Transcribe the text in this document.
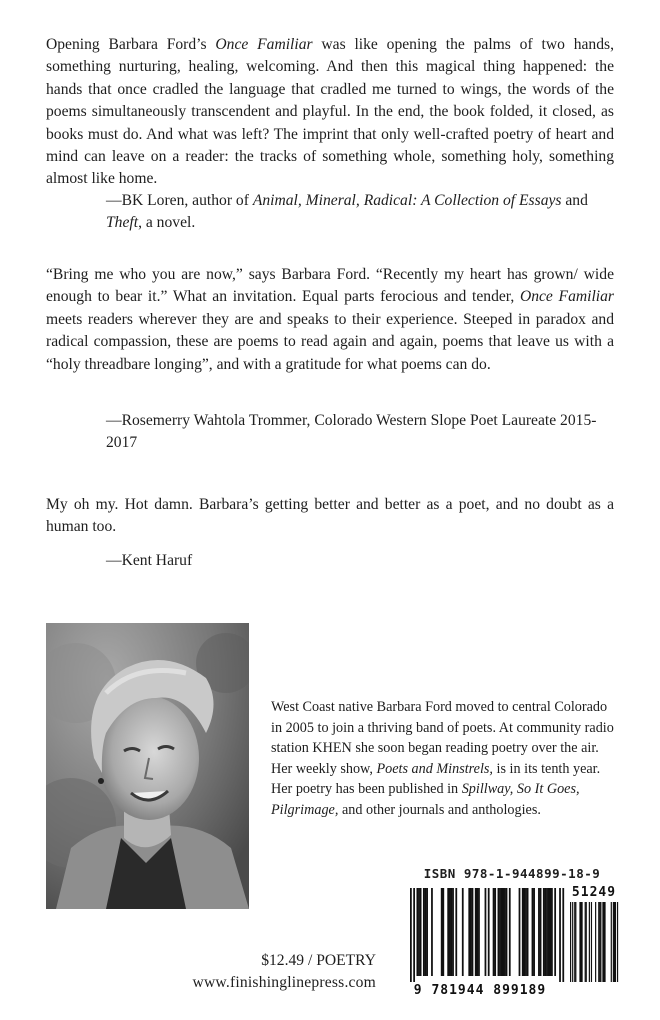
Opening Barbara Ford’s Once Familiar was like opening the palms of two hands, something nurturing, healing, welcoming. And then this magical thing happened: the hands that once cradled the language that cradled me turned to wings, the words of the poems simultaneously transcendent and playful. In the end, the book folded, it closed, as books must do. And what was left? The imprint that only well-crafted poetry of heart and mind can leave on a reader: the tracks of something whole, something holy, something almost like home.

—BK Loren, author of Animal, Mineral, Radical: A Collection of Essays and Theft, a novel.

“Bring me who you are now,” says Barbara Ford. “Recently my heart has grown/ wide enough to bear it.” What an invitation. Equal parts ferocious and tender, Once Familiar meets readers wherever they are and speaks to their experience. Steeped in paradox and radical compassion, these are poems to read again and again, poems that leave us with a “holy threadbare longing”, and with a gratitude for what poems can do.

—Rosemerry Wahtola Trommer, Colorado Western Slope Poet Laureate 2015-2017

My oh my. Hot damn. Barbara’s getting better and better as a poet, and no doubt as a human too.

—Kent Haruf

West Coast native Barbara Ford moved to central Colorado in 2005 to join a thriving band of poets. At community radio station KHEN she soon began reading poetry over the air. Her weekly show, Poets and Minstrels, is in its tenth year. Her poetry has been published in Spillway, So It Goes, Pilgrimage, and other journals and anthologies.

ISBN 978-1-944899-18-9
51249
9 781944 899189
$12.49 / POETRY
www.finishinglinepress.com
